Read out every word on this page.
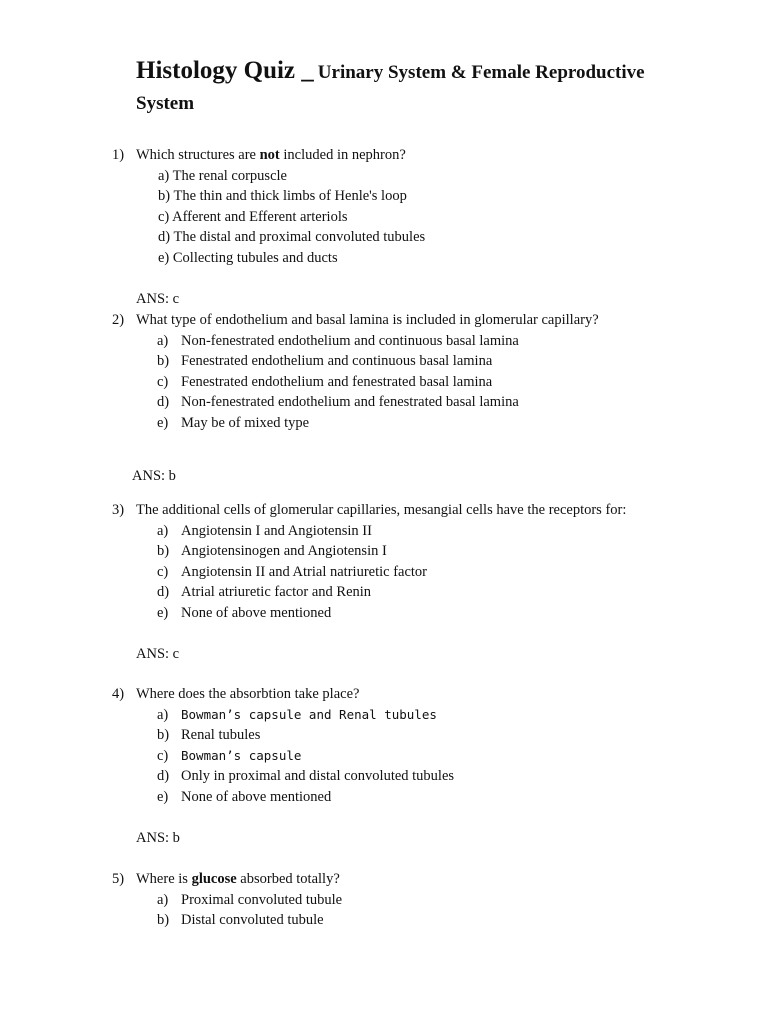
Histology Quiz _ Urinary System & Female Reproductive System
1) Which structures are not included in nephron?
a) The renal corpuscle
b) The thin and thick limbs of Henle's loop
c) Afferent and Efferent arteriols
d) The distal and proximal convoluted tubules
e) Collecting tubules and ducts
ANS: c
2) What type of endothelium and basal lamina is included in glomerular capillary?
a) Non-fenestrated endothelium and continuous basal lamina
b) Fenestrated endothelium and continuous basal lamina
c) Fenestrated endothelium and fenestrated basal lamina
d) Non-fenestrated endothelium and fenestrated basal lamina
e) May be of mixed type
ANS: b
3) The additional cells of glomerular capillaries, mesangial cells have the receptors for:
a) Angiotensin I and Angiotensin II
b) Angiotensinogen and Angiotensin I
c) Angiotensin II and Atrial natriuretic factor
d) Atrial atriuretic factor and Renin
e) None of above mentioned
ANS: c
4) Where does the absorbtion take place?
a) Bowman’s capsule and Renal tubules
b) Renal tubules
c) Bowman’s capsule
d) Only in proximal and distal convoluted tubules
e) None of above mentioned
ANS: b
5) Where is glucose absorbed totally?
a) Proximal convoluted tubule
b) Distal convoluted tubule
